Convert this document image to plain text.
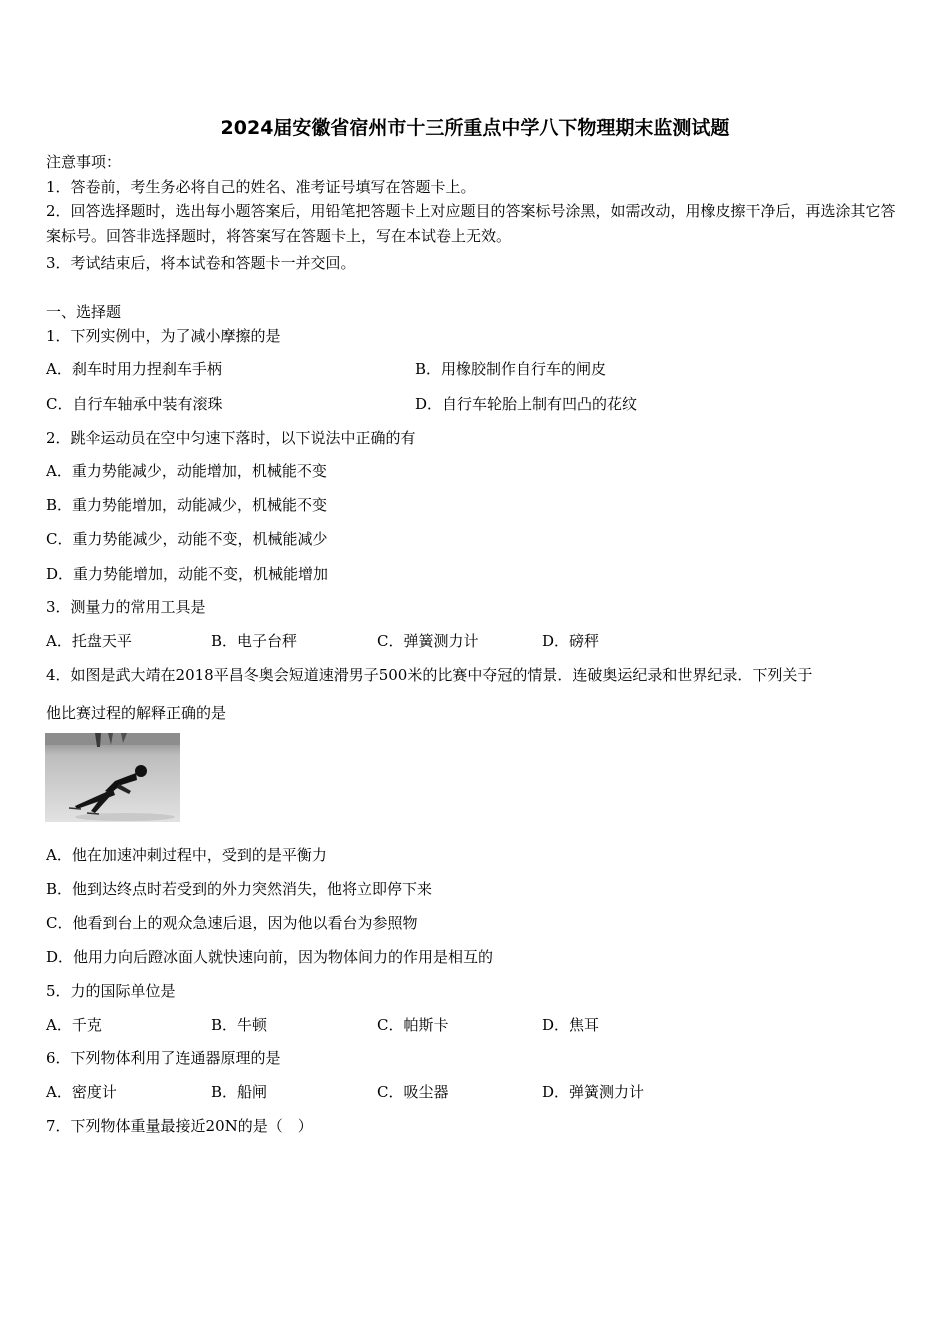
2024届安徽省宿州市十三所重点中学八下物理期末监测试题
注意事项：
1．答卷前，考生务必将自己的姓名、准考证号填写在答题卡上。
2．回答选择题时，选出每小题答案后，用铅笔把答题卡上对应题目的答案标号涂黑，如需改动，用橡皮擦干净后，再选涂其它答案标号。回答非选择题时，将答案写在答题卡上，写在本试卷上无效。
3．考试结束后，将本试卷和答题卡一并交回。
一、选择题
1．下列实例中，为了减小摩擦的是
A．刹车时用力捏刹车手柄	B．用橡胶制作自行车的闸皮
C．自行车轴承中装有滚珠	D．自行车轮胎上制有凹凸的花纹
2．跳伞运动员在空中匀速下落时，以下说法中正确的有
A．重力势能减少，动能增加，机械能不变
B．重力势能增加，动能减少，机械能不变
C．重力势能减少，动能不变，机械能减少
D．重力势能增加，动能不变，机械能增加
3．测量力的常用工具是
A．托盘天平	B．电子台秤	C．弹簧测力计	D．磅秤
4．如图是武大靖在2018平昌冬奥会短道速滑男子500米的比赛中夺冠的情景．连破奥运纪录和世界纪录．下列关于
他比赛过程的解释正确的是
A．他在加速冲刺过程中，受到的是平衡力
B．他到达终点时若受到的外力突然消失，他将立即停下来
C．他看到台上的观众急速后退，因为他以看台为参照物
D．他用力向后蹬冰面人就快速向前，因为物体间力的作用是相互的
5．力的国际单位是
A．千克	B．牛顿	C．帕斯卡	D．焦耳
6．下列物体利用了连通器原理的是
A．密度计	B．船闸	C．吸尘器	D．弹簧测力计
7．下列物体重量最接近20N的是（　）
